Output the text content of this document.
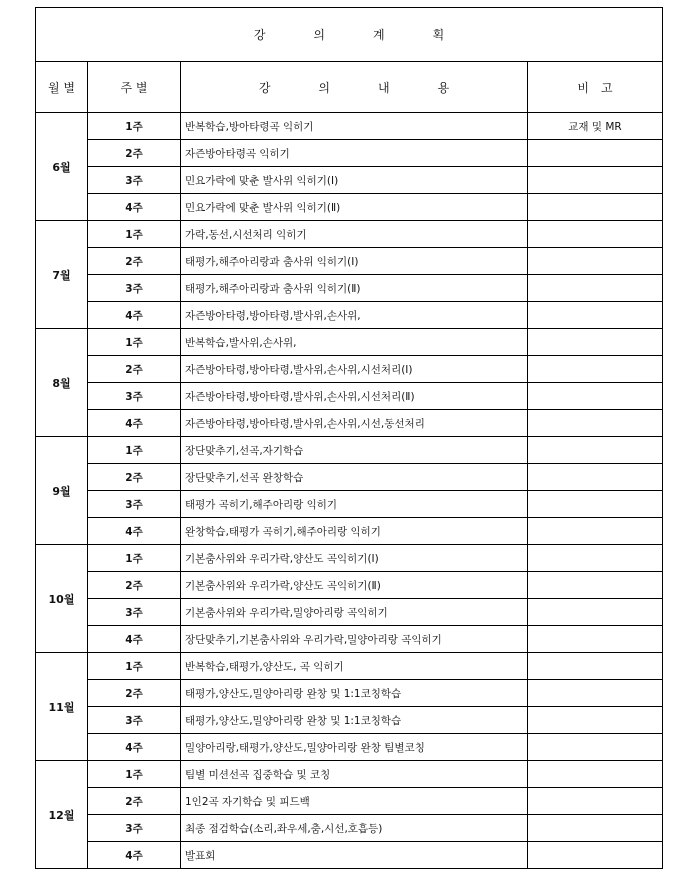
강 의 계 획			
월 별	주 별	강 의 내 용	비 고
6월	1주	반복학습,방아타령곡 익히기	교재 및 MR
	2주	자즌방아타령곡 익히기	
	3주	민요가락에 맞춘 발사위 익히기(Ⅰ)	
	4주	민요가락에 맞춘 발사위 익히기(Ⅱ)	
7월	1주	가락,동선,시선처리 익히기	
	2주	태평가,해주아리랑과 춤사위 익히기(Ⅰ)	
	3주	태평가,해주아리랑과 춤사위 익히기(Ⅱ)	
	4주	자즌방아타령,방아타령,발사위,손사위,	
8월	1주	반복학습,발사위,손사위,	
	2주	자즌방아타령,방아타령,발사위,손사위,시선처리(Ⅰ)	
	3주	자즌방아타령,방아타령,발사위,손사위,시선처리(Ⅱ)	
	4주	자즌방아타령,방아타령,발사위,손사위,시선,동선처리	
9월	1주	장단맞추기,선곡,자기학습	
	2주	장단맞추기,선곡 완창학습	
	3주	태평가 곡히기,해주아리랑 익히기	
	4주	완창학습,태평가 곡히기,해주아리랑 익히기	
10월	1주	기본춤사위와 우리가락,양산도 곡익히기(Ⅰ)	
	2주	기본춤사위와 우리가락,양산도 곡익히기(Ⅱ)	
	3주	기본춤사위와 우리가락,밀양아리랑 곡익히기	
	4주	장단맞추기,기본춤사위와 우리가락,밀양아리랑 곡익히기	
11월	1주	반복학습,태평가,양산도, 곡 익히기	
	2주	태평가,양산도,밀양아리랑 완창 및 1:1코칭학습	
	3주	태평가,양산도,밀양아리랑 완창 및 1:1코칭학습	
	4주	밀양아리랑,태평가,양산도,밀양아리랑 완창 팀별코칭	
12월	1주	팀별 미션선곡 집중학습 및 코칭	
	2주	1인2곡 자기학습 및 피드백	
	3주	최종 점검학습(소리,좌우세,춤,시선,호흡등)	
	4주	발표회	
